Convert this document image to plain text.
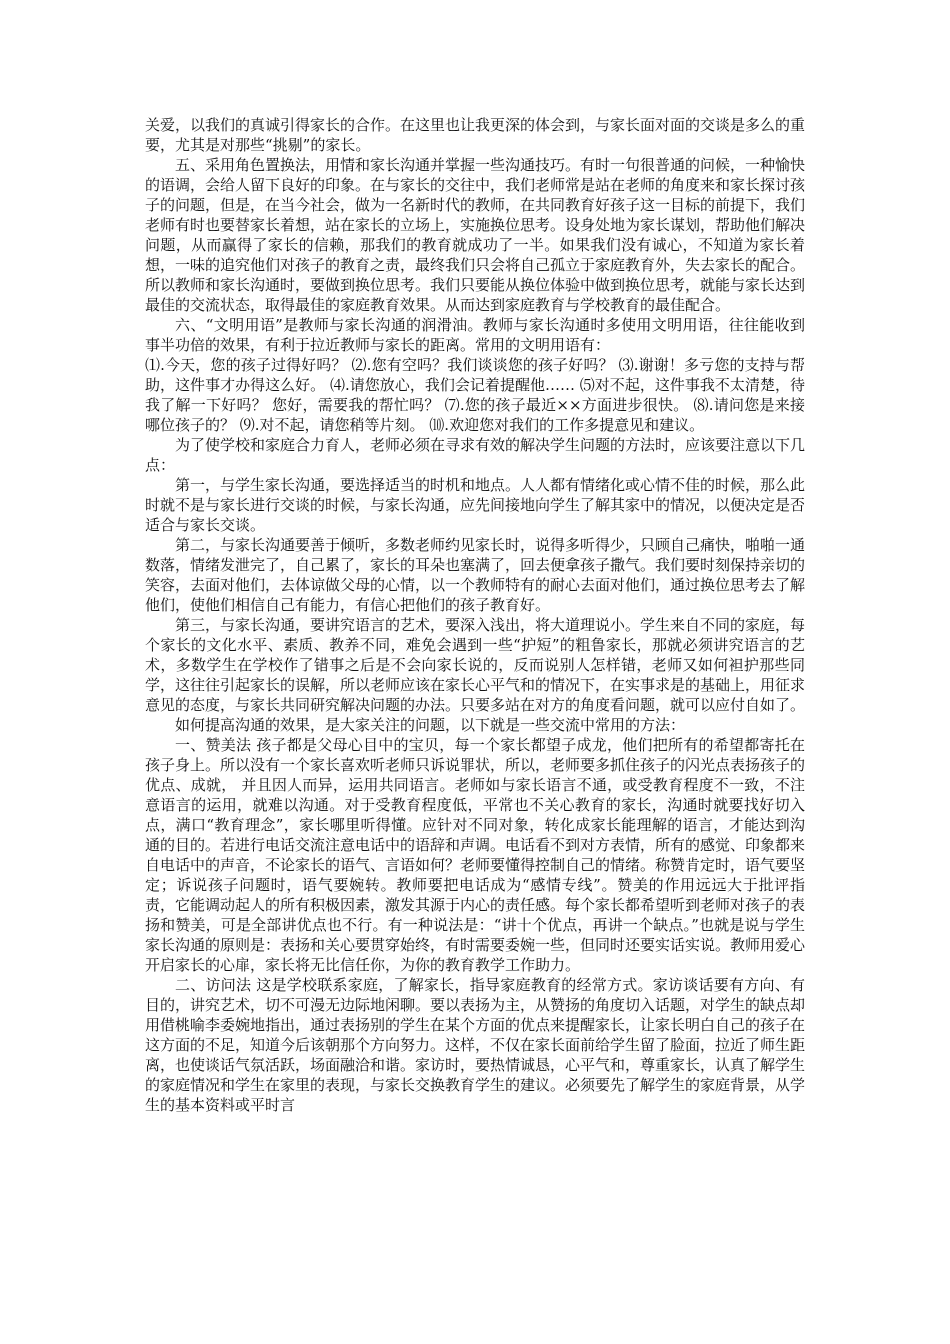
关爱，以我们的真诚引得家长的合作。在这里也让我更深的体会到，与家长面对面的交谈是多么的重要，尤其是对那些“挑剔”的家长。

五、采用角色置换法，用情和家长沟通并掌握一些沟通技巧。有时一句很普通的问候，一种愉快的语调，会给人留下良好的印象。在与家长的交往中，我们老师常是站在老师的角度来和家长探讨孩子的问题，但是，在当今社会，做为一名新时代的教师，在共同教育好孩子这一目标的前提下，我们老师有时也要替家长着想，站在家长的立场上，实施换位思考。设身处地为家长谋划，帮助他们解决问题，从而赢得了家长的信赖，那我们的教育就成功了一半。如果我们没有诚心，不知道为家长着想，一味的追究他们对孩子的教育之责，最终我们只会将自己孤立于家庭教育外，失去家长的配合。所以教师和家长沟通时，要做到换位思考。我们只要能从换位体验中做到换位思考，就能与家长达到最佳的交流状态，取得最佳的家庭教育效果。从而达到家庭教育与学校教育的最佳配合。

六、“文明用语”是教师与家长沟通的润滑油。教师与家长沟通时多使用文明用语，往往能收到事半功倍的效果，有利于拉近教师与家长的距离。常用的文明用语有：

⑴.今天，您的孩子过得好吗？ ⑵.您有空吗？我们谈谈您的孩子好吗？ ⑶.谢谢！多亏您的支持与帮助，这件事才办得这么好。 ⑷.请您放心，我们会记着提醒他…… ⑸对不起，这件事我不太清楚，待我了解一下好吗？ 您好，需要我的帮忙吗？ ⑺.您的孩子最近××方面进步很快。 ⑻.请问您是来接哪位孩子的？ ⑼.对不起，请您稍等片刻。 ⑽.欢迎您对我们的工作多提意见和建议。

为了使学校和家庭合力育人，老师必须在寻求有效的解决学生问题的方法时，应该要注意以下几点：

第一，与学生家长沟通，要选择适当的时机和地点。人人都有情绪化或心情不佳的时候，那么此时就不是与家长进行交谈的时候，与家长沟通，应先间接地向学生了解其家中的情况，以便决定是否适合与家长交谈。

第二，与家长沟通要善于倾听，多数老师约见家长时，说得多听得少，只顾自己痛快，啪啪一通数落，情绪发泄完了，自己累了，家长的耳朵也塞满了，回去便拿孩子撒气。我们要时刻保持亲切的笑容，去面对他们，去体谅做父母的心情，以一个教师特有的耐心去面对他们，通过换位思考去了解他们，使他们相信自己有能力，有信心把他们的孩子教育好。

第三，与家长沟通，要讲究语言的艺术，要深入浅出，将大道理说小。学生来自不同的家庭，每个家长的文化水平、素质、教养不同，难免会遇到一些“护短”的粗鲁家长，那就必须讲究语言的艺术，多数学生在学校作了错事之后是不会向家长说的，反而说别人怎样错，老师又如何袒护那些同学，这往往引起家长的误解，所以老师应该在家长心平气和的情况下，在实事求是的基础上，用征求意见的态度，与家长共同研究解决问题的办法。只要多站在对方的角度看问题，就可以应付自如了。

如何提高沟通的效果，是大家关注的问题，以下就是一些交流中常用的方法：

一、赞美法 孩子都是父母心目中的宝贝，每一个家长都望子成龙，他们把所有的希望都寄托在孩子身上。所以没有一个家长喜欢听老师只诉说罪状，所以，老师要多抓住孩子的闪光点表扬孩子的优点、成就， 并且因人而异，运用共同语言。老师如与家长语言不通，或受教育程度不一致，不注意语言的运用，就难以沟通。对于受教育程度低，平常也不关心教育的家长，沟通时就要找好切入点，满口“教育理念”，家长哪里听得懂。应针对不同对象，转化成家长能理解的语言，才能达到沟通的目的。若进行电话交流注意电话中的语辞和声调。电话看不到对方表情，所有的感觉、印象都来自电话中的声音，不论家长的语气、言语如何？老师要懂得控制自己的情绪。称赞肯定时，语气要坚定；诉说孩子问题时，语气要婉转。教师要把电话成为“感情专线”。赞美的作用远远大于批评指责，它能调动起人的所有积极因素，激发其源于内心的责任感。每个家长都希望听到老师对孩子的表扬和赞美，可是全部讲优点也不行。有一种说法是：“讲十个优点，再讲一个缺点。”也就是说与学生家长沟通的原则是：表扬和关心要贯穿始终，有时需要委婉一些，但同时还要实话实说。教师用爱心开启家长的心扉，家长将无比信任你，为你的教育教学工作助力。

二、访问法 这是学校联系家庭，了解家长，指导家庭教育的经常方式。家访谈话要有方向、有目的，讲究艺术，切不可漫无边际地闲聊。要以表扬为主，从赞扬的角度切入话题，对学生的缺点却用借桃喻李委婉地指出，通过表扬别的学生在某个方面的优点来提醒家长，让家长明白自己的孩子在这方面的不足，知道今后该朝那个方向努力。这样，不仅在家长面前给学生留了脸面，拉近了师生距离，也使谈话气氛活跃，场面融洽和谐。家访时，要热情诚恳，心平气和，尊重家长，认真了解学生的家庭情况和学生在家里的表现，与家长交换教育学生的建议。必须要先了解学生的家庭背景，从学生的基本资料或平时言
